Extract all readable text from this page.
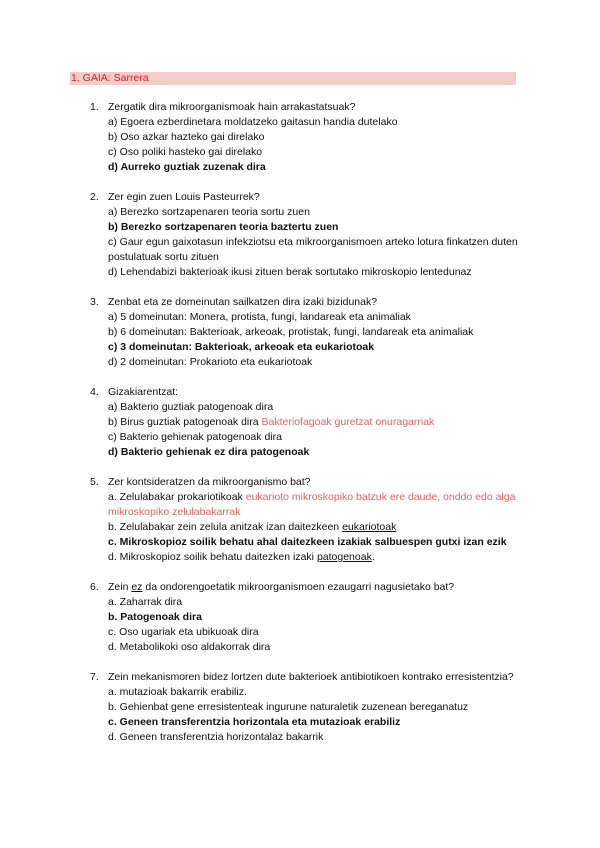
1. GAIA: Sarrera
1. Zergatik dira mikroorganismoak hain arrakastatsuak?
a) Egoera ezberdinetara moldatzeko gaitasun handia dutelako
b) Oso azkar hazteko gai direlako
c) Oso poliki hasteko gai direlako
d) Aurreko guztiak zuzenak dira
2. Zer egin zuen Louis Pasteurrek?
a) Berezko sortzapenaren teoria sortu zuen
b) Berezko sortzapenaren teoria baztertu zuen
c) Gaur egun gaixotasun infekziotsu eta mikroorganismoen arteko lotura finkatzen duten postulatuak sortu zituen
d) Lehendabizi bakterioak ikusi zituen berak sortutako mikroskopio lentedunaz
3. Zenbat eta ze domeinutan sailkatzen dira izaki bizidunak?
a) 5 domeinutan: Monera, protista, fungi, landareak eta animaliak
b) 6 domeinutan: Bakterioak, arkeoak, protistak, fungi, landareak eta animaliak
c) 3 domeinutan: Bakterioak, arkeoak eta eukariotoak
d) 2 domeinutan: Prokarioto eta eukariotoak
4. Gizakiarentzat:
a) Bakterio guztiak patogenoak dira
b) Birus guztiak patogenoak dira Bakteriofagoak guretzat onuragarriak
c) Bakterio gehienak patogenoak dira
d) Bakterio gehienak ez dira patogenoak
5. Zer kontsideratzen da mikroorganismo bat?
a. Zelulabakar prokariotikoak eukarioto mikroskopiko batzuk ere daude, onddo edo alga mikroskopiko zelulabakarrak
b. Zelulabakar zein zelula anitzak izan daitezkeen eukariotoak
c. Mikroskopioz soilik behatu ahal daitezkeen izakiak salbuespen gutxi izan ezik
d. Mikroskopioz soilik behatu daitezken izaki patogenoak.
6. Zein ez da ondorengoetatik mikroorganismoen ezaugarri nagusietako bat?
a. Zaharrak dira
b. Patogenoak dira
c. Oso ugariak eta ubikuoak dira
d. Metabolikoki oso aldakorrak dira
7. Zein mekanismoren bidez lortzen dute bakterioek antibiotikoen kontrako erresistentzia?
a. mutazioak bakarrik erabiliz.
b. Gehienbat gene erresistenteak ingurune naturaletik zuzenean bereganatuz
c. Geneen transferentzia horizontala eta mutazioak erabiliz
d. Geneen transferentzia horizontalaz bakarrik
